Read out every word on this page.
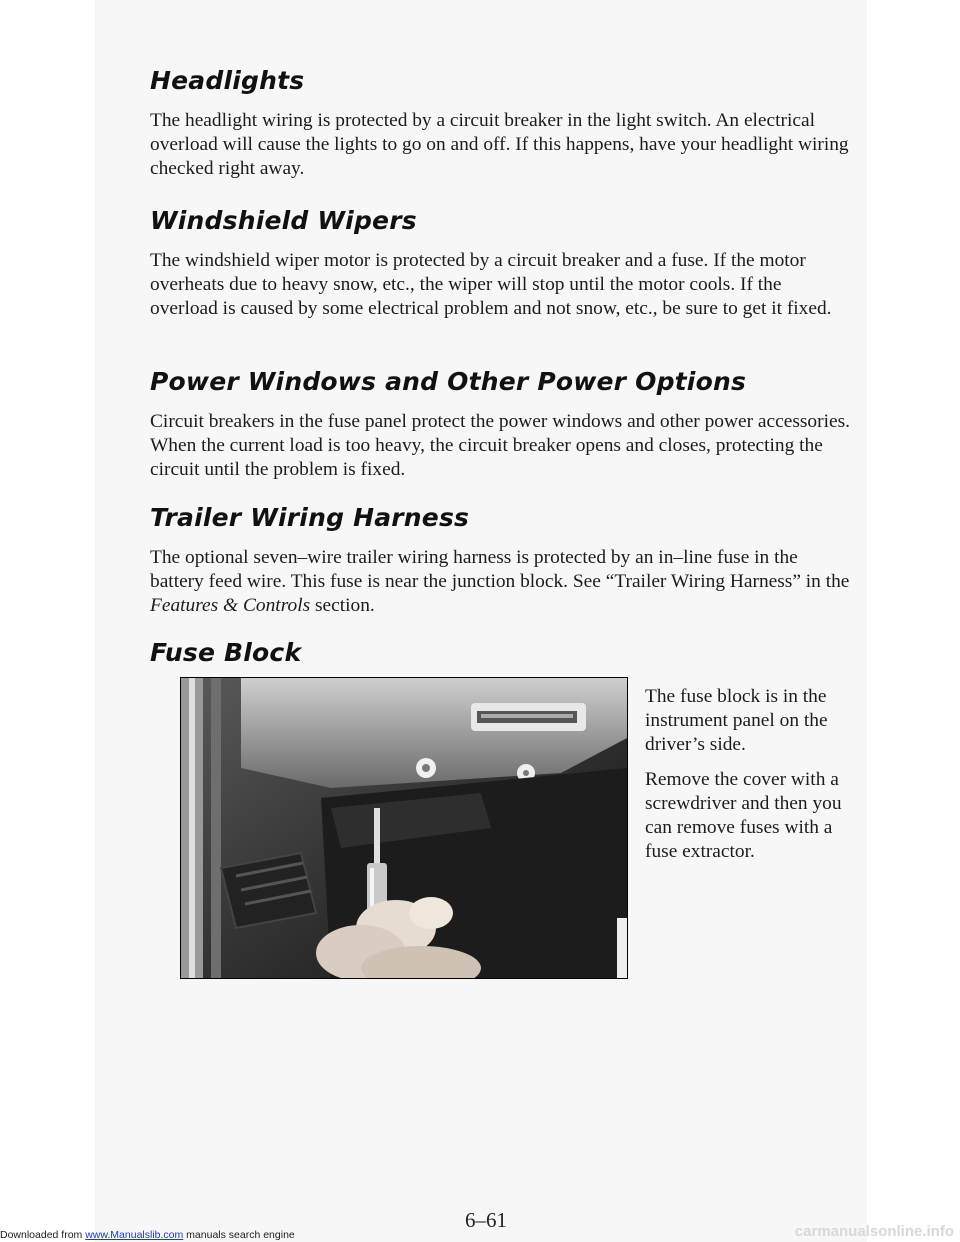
Headlights

The headlight wiring is protected by a circuit breaker in the light switch. An electrical overload will cause the lights to go on and off. If this happens, have your headlight wiring checked right away.

Windshield Wipers

The windshield wiper motor is protected by a circuit breaker and a fuse. If the motor overheats due to heavy snow, etc., the wiper will stop until the motor cools. If the overload is caused by some electrical problem and not snow, etc., be sure to get it fixed.

Power Windows and Other Power Options

Circuit breakers in the fuse panel protect the power windows and other power accessories. When the current load is too heavy, the circuit breaker opens and closes, protecting the circuit until the problem is fixed.

Trailer Wiring Harness

The optional seven–wire trailer wiring harness is protected by an in–line fuse in the battery feed wire. This fuse is near the junction block. See “Trailer Wiring Harness” in the Features & Controls section.

Fuse Block

The fuse block is in the instrument panel on the driver’s side.

Remove the cover with a screwdriver and then you can remove fuses with a fuse extractor.

6–61
Downloaded from www.Manualslib.com manuals search engine	carmanualsonline.info
